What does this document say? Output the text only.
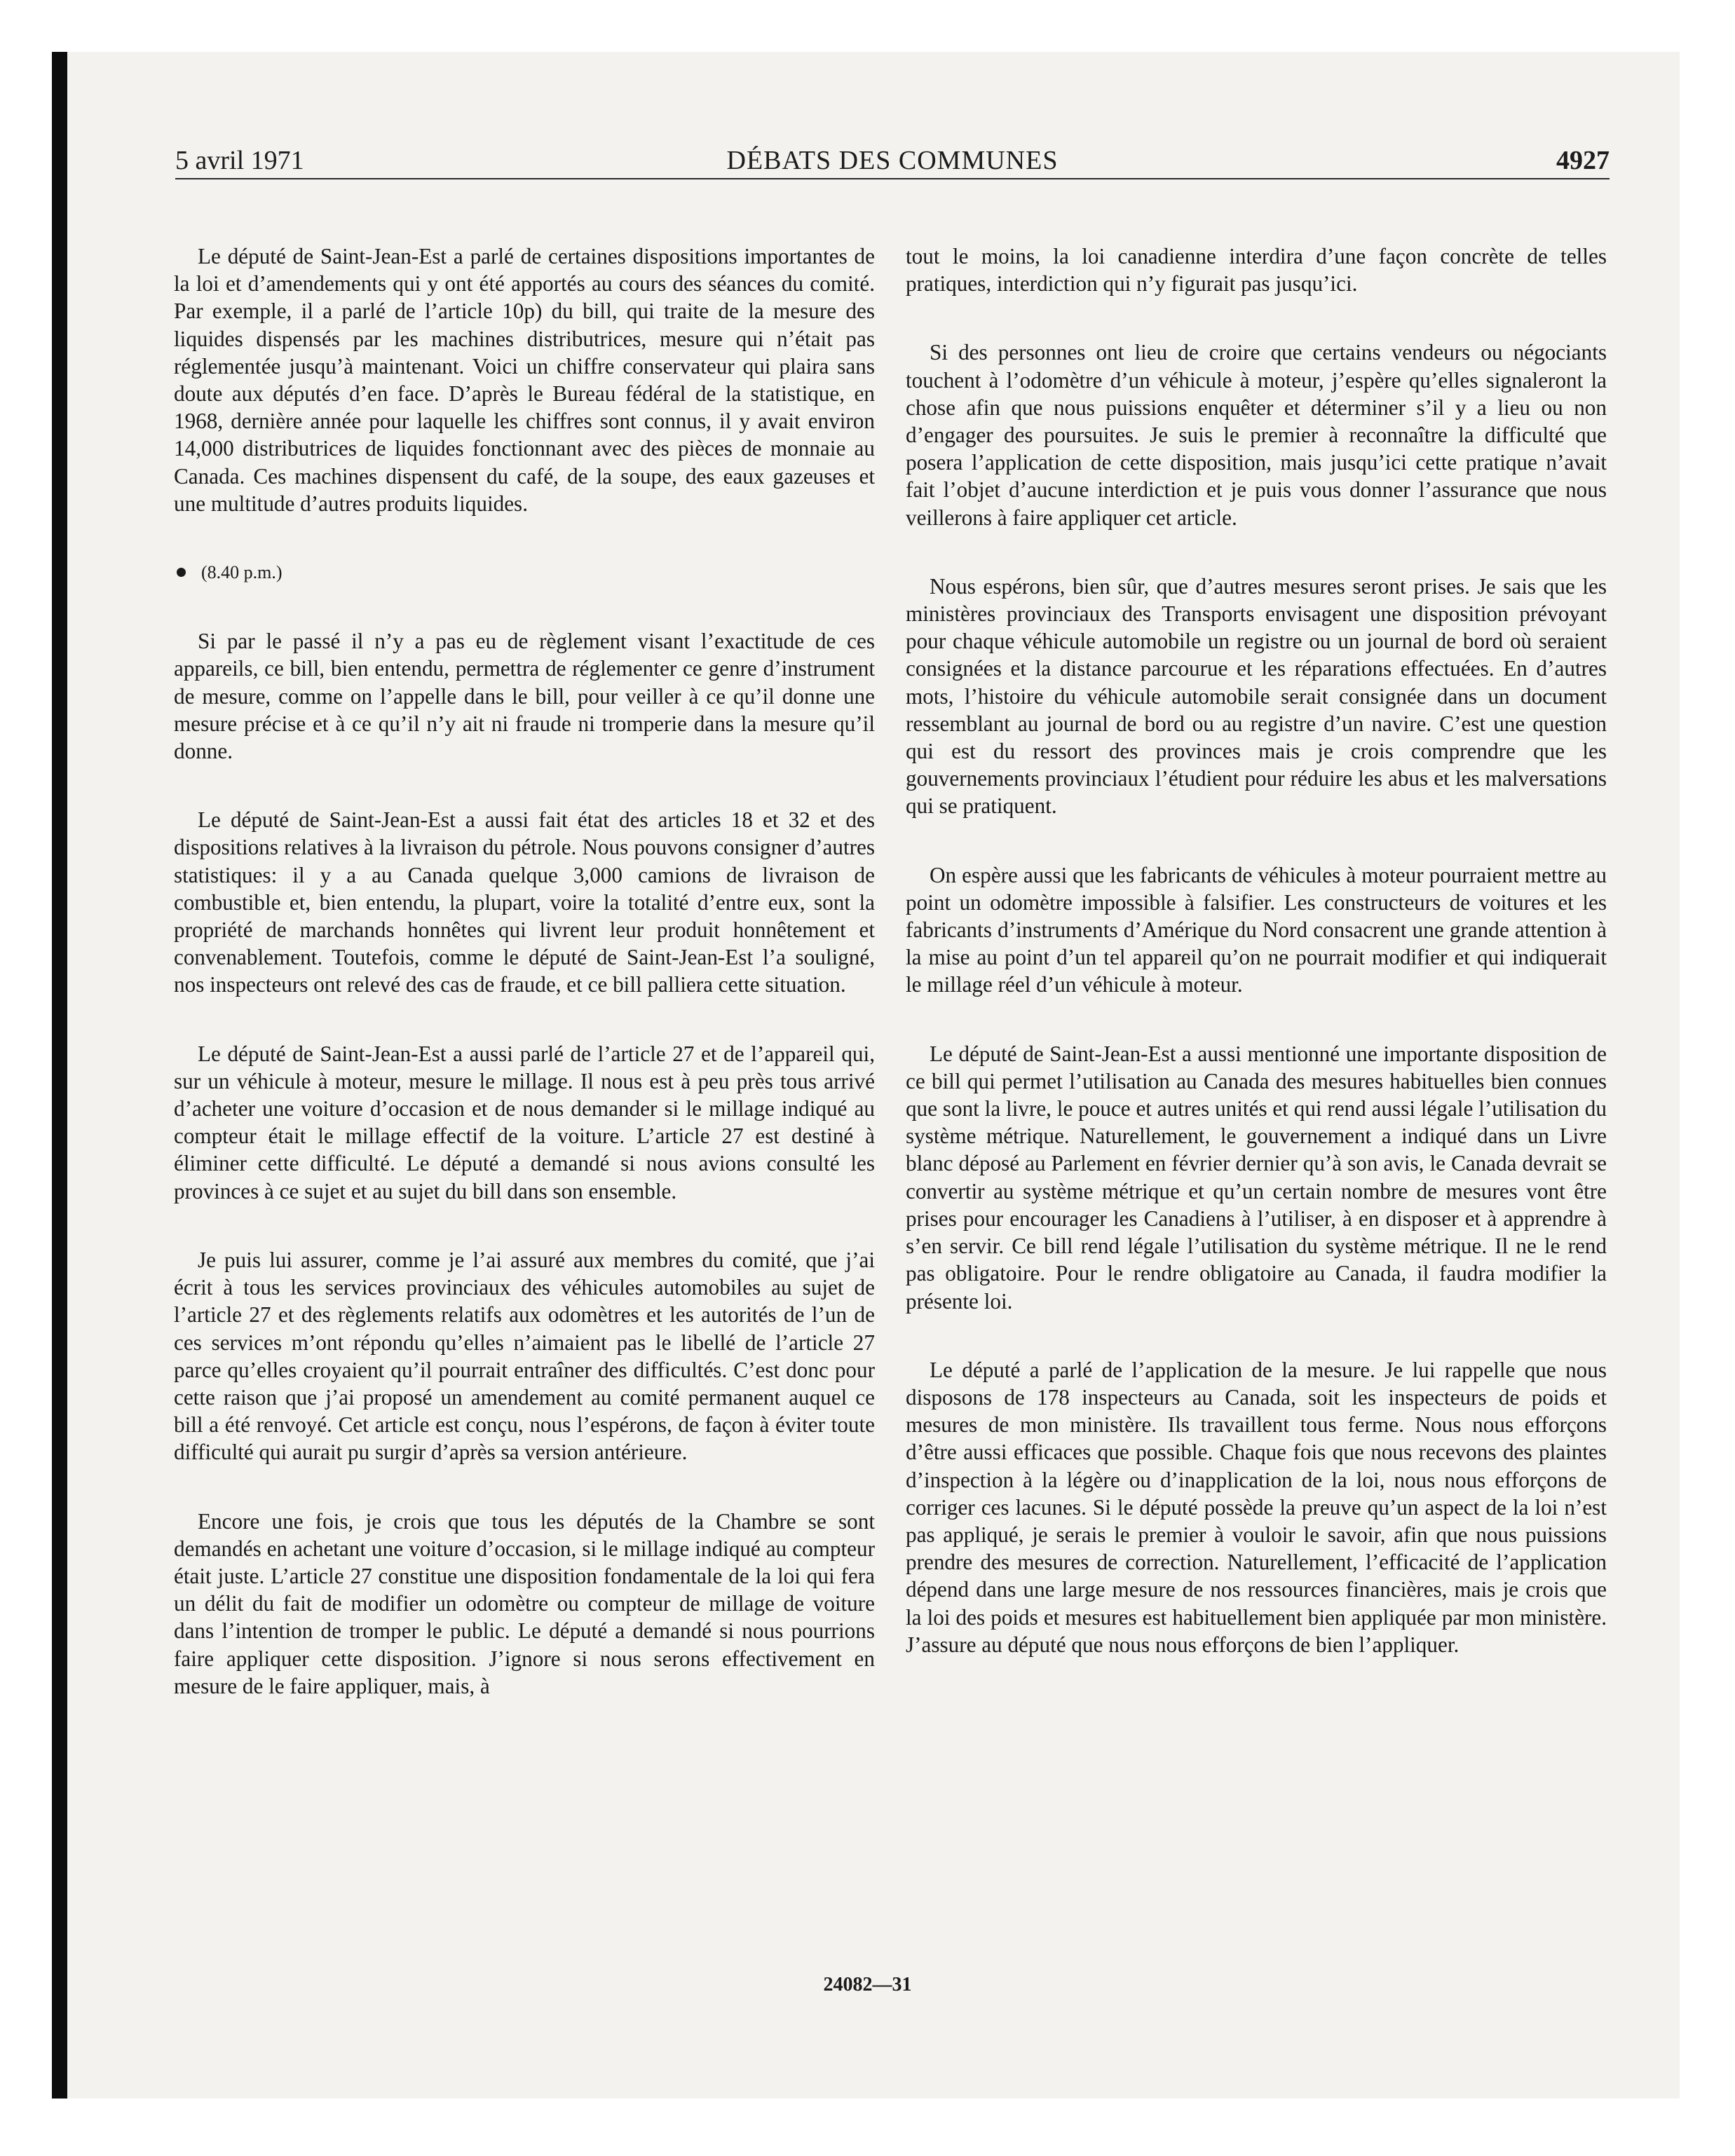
5 avril 1971	DÉBATS DES COMMUNES	4927

Le député de Saint-Jean-Est a parlé de certaines dispositions importantes de la loi et d’amendements qui y ont été apportés au cours des séances du comité. Par exemple, il a parlé de l’article 10p) du bill, qui traite de la mesure des liquides dispensés par les machines distributrices, mesure qui n’était pas réglementée jusqu’à maintenant. Voici un chiffre conservateur qui plaira sans doute aux députés d’en face. D’après le Bureau fédéral de la statistique, en 1968, dernière année pour laquelle les chiffres sont connus, il y avait environ 14,000 distributrices de liquides fonctionnant avec des pièces de monnaie au Canada. Ces machines dispensent du café, de la soupe, des eaux gazeuses et une multitude d’autres produits liquides.

(8.40 p.m.)

Si par le passé il n’y a pas eu de règlement visant l’exactitude de ces appareils, ce bill, bien entendu, permettra de réglementer ce genre d’instrument de mesure, comme on l’appelle dans le bill, pour veiller à ce qu’il donne une mesure précise et à ce qu’il n’y ait ni fraude ni tromperie dans la mesure qu’il donne.

Le député de Saint-Jean-Est a aussi fait état des articles 18 et 32 et des dispositions relatives à la livraison du pétrole. Nous pouvons consigner d’autres statistiques: il y a au Canada quelque 3,000 camions de livraison de combustible et, bien entendu, la plupart, voire la totalité d’entre eux, sont la propriété de marchands honnêtes qui livrent leur produit honnêtement et convenablement. Toutefois, comme le député de Saint-Jean-Est l’a souligné, nos inspecteurs ont relevé des cas de fraude, et ce bill palliera cette situation.

Le député de Saint-Jean-Est a aussi parlé de l’article 27 et de l’appareil qui, sur un véhicule à moteur, mesure le millage. Il nous est à peu près tous arrivé d’acheter une voiture d’occasion et de nous demander si le millage indiqué au compteur était le millage effectif de la voiture. L’article 27 est destiné à éliminer cette difficulté. Le député a demandé si nous avions consulté les provinces à ce sujet et au sujet du bill dans son ensemble.

Je puis lui assurer, comme je l’ai assuré aux membres du comité, que j’ai écrit à tous les services provinciaux des véhicules automobiles au sujet de l’article 27 et des règlements relatifs aux odomètres et les autorités de l’un de ces services m’ont répondu qu’elles n’aimaient pas le libellé de l’article 27 parce qu’elles croyaient qu’il pourrait entraîner des difficultés. C’est donc pour cette raison que j’ai proposé un amendement au comité permanent auquel ce bill a été renvoyé. Cet article est conçu, nous l’espérons, de façon à éviter toute difficulté qui aurait pu surgir d’après sa version antérieure.

Encore une fois, je crois que tous les députés de la Chambre se sont demandés en achetant une voiture d’occasion, si le millage indiqué au compteur était juste. L’article 27 constitue une disposition fondamentale de la loi qui fera un délit du fait de modifier un odomètre ou compteur de millage de voiture dans l’intention de tromper le public. Le député a demandé si nous pourrions faire appliquer cette disposition. J’ignore si nous serons effectivement en mesure de le faire appliquer, mais, à

tout le moins, la loi canadienne interdira d’une façon concrète de telles pratiques, interdiction qui n’y figurait pas jusqu’ici.

Si des personnes ont lieu de croire que certains vendeurs ou négociants touchent à l’odomètre d’un véhicule à moteur, j’espère qu’elles signaleront la chose afin que nous puissions enquêter et déterminer s’il y a lieu ou non d’engager des poursuites. Je suis le premier à reconnaître la difficulté que posera l’application de cette disposition, mais jusqu’ici cette pratique n’avait fait l’objet d’aucune interdiction et je puis vous donner l’assurance que nous veillerons à faire appliquer cet article.

Nous espérons, bien sûr, que d’autres mesures seront prises. Je sais que les ministères provinciaux des Transports envisagent une disposition prévoyant pour chaque véhicule automobile un registre ou un journal de bord où seraient consignées et la distance parcourue et les réparations effectuées. En d’autres mots, l’histoire du véhicule automobile serait consignée dans un document ressemblant au journal de bord ou au registre d’un navire. C’est une question qui est du ressort des provinces mais je crois comprendre que les gouvernements provinciaux l’étudient pour réduire les abus et les malversations qui se pratiquent.

On espère aussi que les fabricants de véhicules à moteur pourraient mettre au point un odomètre impossible à falsifier. Les constructeurs de voitures et les fabricants d’instruments d’Amérique du Nord consacrent une grande attention à la mise au point d’un tel appareil qu’on ne pourrait modifier et qui indiquerait le millage réel d’un véhicule à moteur.

Le député de Saint-Jean-Est a aussi mentionné une importante disposition de ce bill qui permet l’utilisation au Canada des mesures habituelles bien connues que sont la livre, le pouce et autres unités et qui rend aussi légale l’utilisation du système métrique. Naturellement, le gouvernement a indiqué dans un Livre blanc déposé au Parlement en février dernier qu’à son avis, le Canada devrait se convertir au système métrique et qu’un certain nombre de mesures vont être prises pour encourager les Canadiens à l’utiliser, à en disposer et à apprendre à s’en servir. Ce bill rend légale l’utilisation du système métrique. Il ne le rend pas obligatoire. Pour le rendre obligatoire au Canada, il faudra modifier la présente loi.

Le député a parlé de l’application de la mesure. Je lui rappelle que nous disposons de 178 inspecteurs au Canada, soit les inspecteurs de poids et mesures de mon ministère. Ils travaillent tous ferme. Nous nous efforçons d’être aussi efficaces que possible. Chaque fois que nous recevons des plaintes d’inspection à la légère ou d’inapplication de la loi, nous nous efforçons de corriger ces lacunes. Si le député possède la preuve qu’un aspect de la loi n’est pas appliqué, je serais le premier à vouloir le savoir, afin que nous puissions prendre des mesures de correction. Naturellement, l’efficacité de l’application dépend dans une large mesure de nos ressources financières, mais je crois que la loi des poids et mesures est habituellement bien appliquée par mon ministère. J’assure au député que nous nous efforçons de bien l’appliquer.

24082—31
